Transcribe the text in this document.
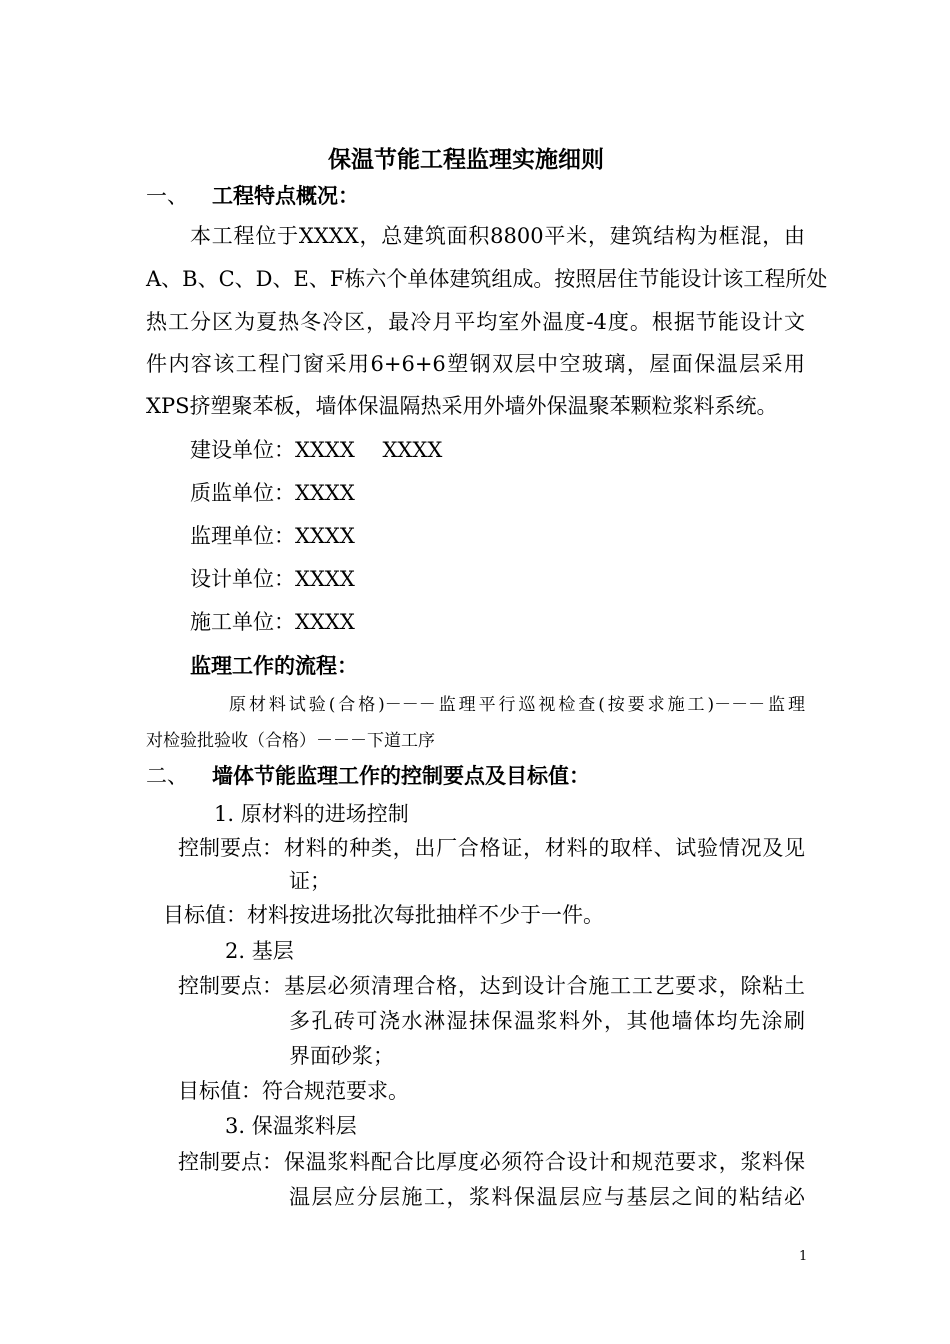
保温节能工程监理实施细则
一、 工程特点概况：
本工程位于XXXX，总建筑面积8800平米，建筑结构为框混，由
A、B、C、D、E、F栋六个单体建筑组成。按照居住节能设计该工程所处
热工分区为夏热冬冷区，最冷月平均室外温度-4度。根据节能设计文
件内容该工程门窗采用6+6+6塑钢双层中空玻璃，屋面保温层采用
XPS挤塑聚苯板，墙体保温隔热采用外墙外保温聚苯颗粒浆料系统。
建设单位：XXXX　 XXXX
质监单位：XXXX
监理单位：XXXX
设计单位：XXXX
施工单位：XXXX
监理工作的流程：
原材料试验(合格)－－－监理平行巡视检查(按要求施工)－－－监理
对检验批验收（合格）－－－下道工序
二、 墙体节能监理工作的控制要点及目标值：
1. 原材料的进场控制
控制要点： 材料的种类，出厂合格证，材料的取样、试验情况及见
证；
目标值： 材料按进场批次每批抽样不少于一件。
2. 基层
控制要点： 基层必须清理合格，达到设计合施工工艺要求，除粘土
多孔砖可浇水淋湿抹保温浆料外，其他墙体均先涂刷
界面砂浆；
目标值： 符合规范要求。
3. 保温浆料层
控制要点： 保温浆料配合比厚度必须符合设计和规范要求，浆料保
温层应分层施工，浆料保温层应与基层之间的粘结必
1
